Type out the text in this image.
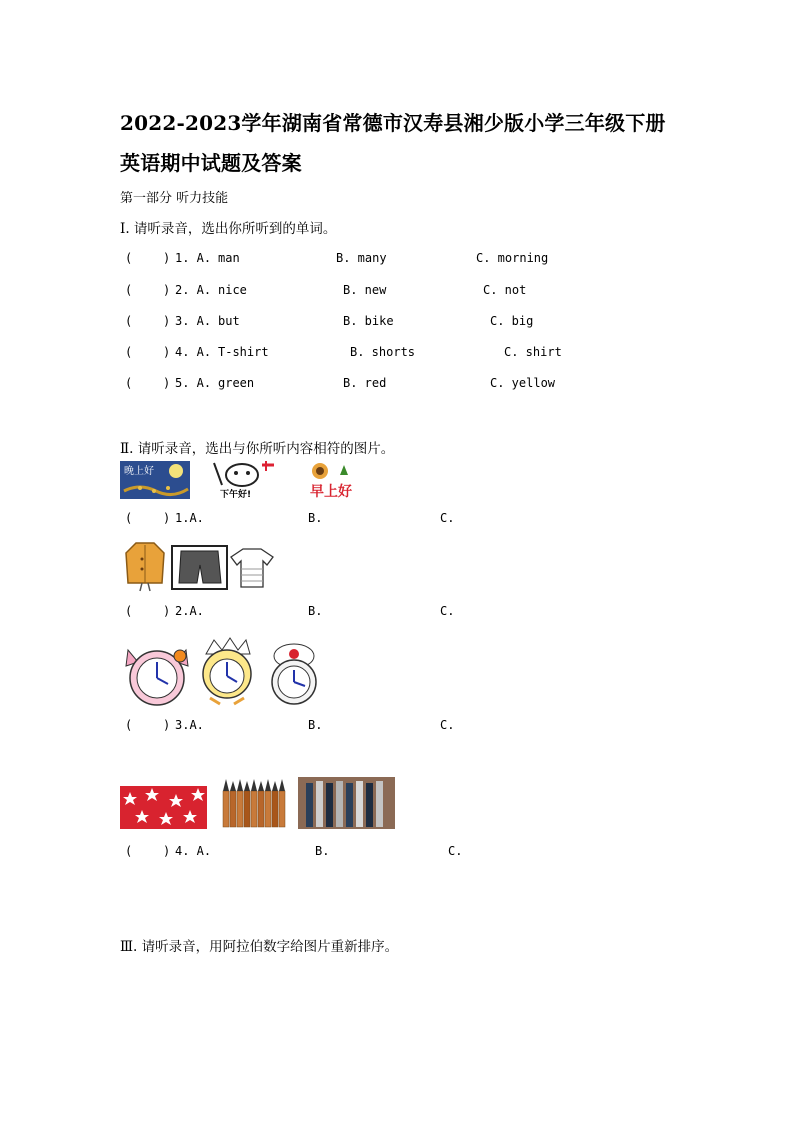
2022-2023学年湖南省常德市汉寿县湘少版小学三年级下册
英语期中试题及答案
第一部分 听力技能
Ⅰ. 请听录音，选出你所听到的单词。
(	) 1. A. man	B. many	C. morning
(	) 2. A. nice	B. new	C. not
(	) 3. A. but	B. bike	C. big
(	) 4. A. T-shirt	B. shorts	C. shirt
(	) 5. A. green	B. red	C. yellow
Ⅱ. 请听录音，选出与你所听内容相符的图片。
晚上好
下午好!	早上好
(	) 1.A.	B.	C.
(	) 2.A.	B.	C.
(	) 3.A.	B.	C.
(	) 4. A.	B.	C.
Ⅲ. 请听录音，用阿拉伯数字给图片重新排序。
